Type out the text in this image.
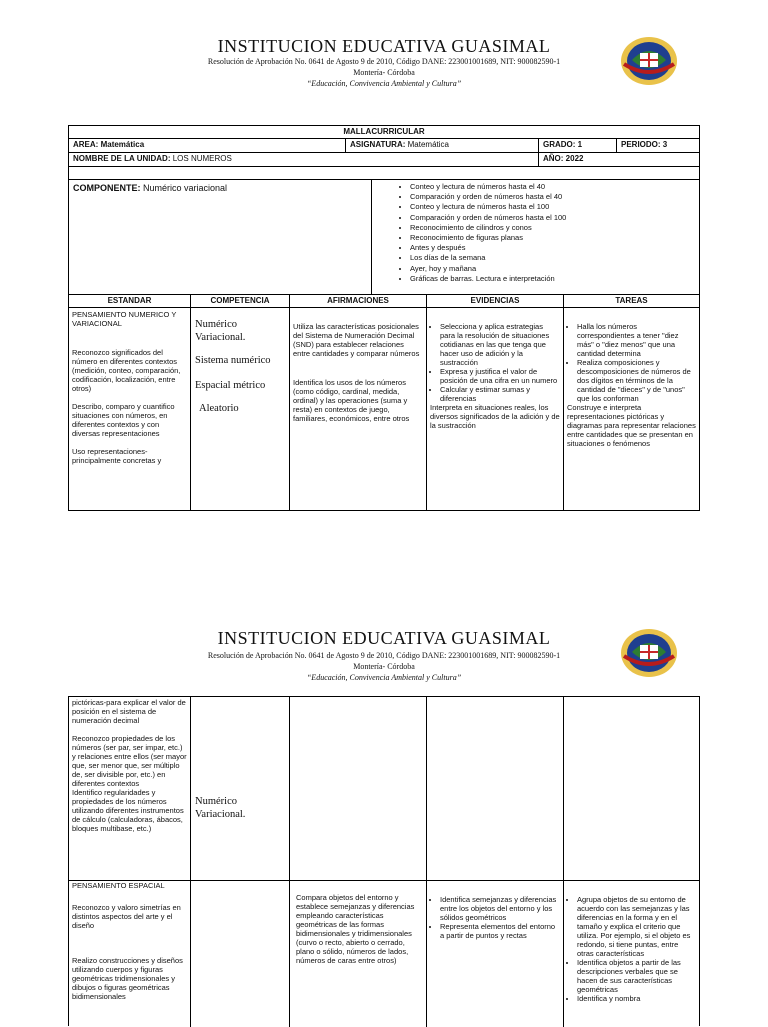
INSTITUCION EDUCATIVA GUASIMAL
Resolución de Aprobación No. 0641 de Agosto 9 de 2010, Código DANE: 223001001689, NIT: 900082590-1
Montería- Córdoba
“Educación, Convivencia Ambiental y Cultura”
MALLACURRICULAR
AREA: Matemática	ASIGNATURA: Matemática	GRADO: 1	PERIODO: 3
NOMBRE DE LA UNIDAD: LOS NUMEROS	AÑO: 2022
COMPONENTE: Numérico variacional
•	Conteo y lectura de números hasta el 40
• Comparación y orden de números hasta el 40
• Conteo y lectura de números hasta el 100
• Comparación y orden de números hasta el 100
• Reconocimiento de cilindros y conos
• Reconocimiento de figuras planas
• Antes y después
• Los días de la semana
• Ayer, hoy y mañana
• Gráficas de barras. Lectura e interpretación
ESTANDAR	COMPETENCIA	AFIRMACIONES	EVIDENCIAS	TAREAS

PENSAMIENTO NUMERICO Y VARIACIONAL

Reconozco significados del número en diferentes contextos (medición, conteo, comparación, codificación, localización, entre otros)

Describo, comparo y cuantifico situaciones con números, en diferentes contextos y con diversas representaciones

Uso representaciones- principalmente concretas y

Numérico Variacional.
Sistema numérico
Espacial métrico
Aleatorio

Utiliza las características posicionales del Sistema de Numeración Decimal (SND) para establecer relaciones entre cantidades y comparar números

Identifica los usos de los números (como código, cardinal, medida, ordinal) y las operaciones (suma y resta) en contextos de juego, familiares, económicos, entre otros

• Selecciona y aplica estrategias para la resolución de situaciones cotidianas en las que tenga que hacer uso de adición y la sustracción
• Expresa y justifica el valor de posición de una cifra en un numero
• Calcular y estimar sumas y diferencias
Interpreta en situaciones reales, los diversos significados de la adición y de la sustracción
• Halla los números correspondientes a tener "diez más" o "diez menos" que una cantidad determina
• Realiza composiciones y descomposiciones de números de dos dígitos en términos de la cantidad de "dieces" y de "unos" que los conforman
Construye e interpreta representaciones pictóricas y diagramas para representar relaciones entre cantidades que se presentan en situaciones o fenómenos
INSTITUCION EDUCATIVA GUASIMAL
Resolución de Aprobación No. 0641 de Agosto 9 de 2010, Código DANE: 223001001689, NIT: 900082590-1
Montería- Córdoba
“Educación, Convivencia Ambiental y Cultura”

pictóricas-para explicar el valor de posición en el sistema de numeración decimal

Reconozco propiedades de los números (ser par, ser impar, etc.) y relaciones entre ellos (ser mayor que, ser menor que, ser múltiplo de, ser divisible por, etc.) en diferentes contextos

Identifico regularidades y propiedades de los números utilizando diferentes instrumentos de cálculo (calculadoras, ábacos, bloques multibase, etc.)

Numérico Variacional.

PENSAMIENTO ESPACIAL

Reconozco y valoro simetrías en distintos aspectos del arte y el diseño

Realizo construcciones y diseños utilizando cuerpos y figuras geométricas tridimensionales y dibujos o figuras geométricas bidimensionales

Compara objetos del entorno y establece semejanzas y diferencias empleando características geométricas de las formas bidimensionales y tridimensionales (curvo o recto, abierto o cerrado, plano o sólido, números de lados, números de caras entre otros)

• Identifica semejanzas y diferencias entre los objetos del entorno y los sólidos geométricos
• Representa elementos del entorno a partir de puntos y rectas
• Agrupa objetos de su entorno de acuerdo con las semejanzas y las diferencias en la forma y en el tamaño y explica el criterio que utiliza. Por ejemplo, si el objeto es redondo, si tiene puntas, entre otras características
• Identifica objetos a partir de las descripciones verbales que se hacen de sus características geométricas
• Identifica y nombra
